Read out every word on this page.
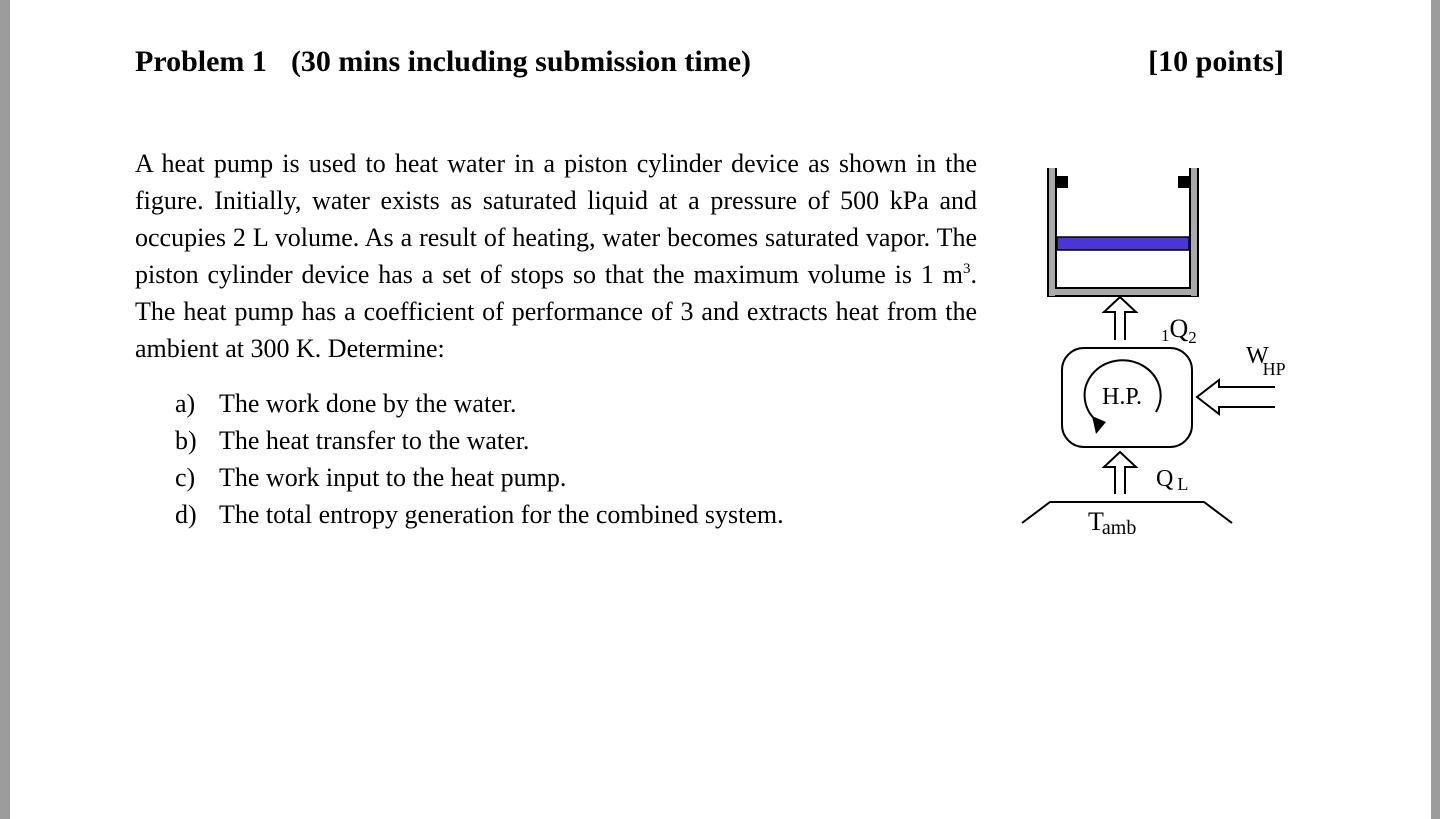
Problem 1 (30 mins including submission time)	[10 points]
A heat pump is used to heat water in a piston cylinder device as shown in the figure. Initially, water exists as saturated liquid at a pressure of 500 kPa and occupies 2 L volume. As a result of heating, water becomes saturated vapor. The piston cylinder device has a set of stops so that the maximum volume is 1 $m^3$. The heat pump has a coefficient of performance of 3 and extracts heat from the ambient at 300 K. Determine:
a) The work done by the water.
b) The heat transfer to the water.
c) The work input to the heat pump.
d) The total entropy generation for the combined system.
1Q2
H.P.
WHP
Q L
Tamb
